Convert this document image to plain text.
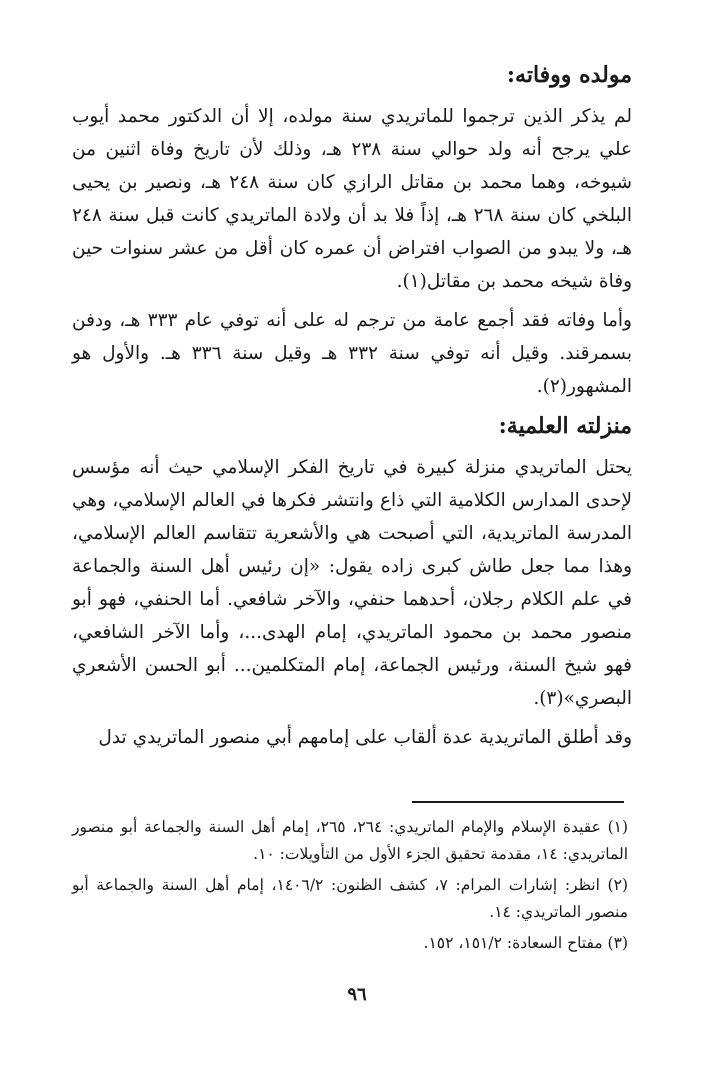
مولده ووفاته:

لم يذكر الذين ترجموا للماتريدي سنة مولده، إلا أن الدكتور محمد أيوب علي يرجح أنه ولد حوالي سنة ٢٣٨ هـ، وذلك لأن تاريخ وفاة اثنين من شيوخه، وهما محمد بن مقاتل الرازي كان سنة ٢٤٨ هـ، ونصير بن يحيى البلخي كان سنة ٢٦٨ هـ، إذاً فلا بد أن ولادة الماتريدي كانت قبل سنة ٢٤٨ هـ، ولا يبدو من الصواب افتراض أن عمره كان أقل من عشر سنوات حين وفاة شيخه محمد بن مقاتل(١).

وأما وفاته فقد أجمع عامة من ترجم له على أنه توفي عام ٣٣٣ هـ، ودفن بسمرقند. وقيل أنه توفي سنة ٣٣٢ هـ وقيل سنة ٣٣٦ هـ. والأول هو المشهور(٢).

منزلته العلمية:

يحتل الماتريدي منزلة كبيرة في تاريخ الفكر الإسلامي حيث أنه مؤسس لإحدى المدارس الكلامية التي ذاع وانتشر فكرها في العالم الإسلامي، وهي المدرسة الماتريدية، التي أصبحت هي والأشعرية تتقاسم العالم الإسلامي، وهذا مما جعل طاش كبرى زاده يقول: «إن رئيس أهل السنة والجماعة في علم الكلام رجلان، أحدهما حنفي، والآخر شافعي. أما الحنفي، فهو أبو منصور محمد بن محمود الماتريدي، إمام الهدى...، وأما الآخر الشافعي، فهو شيخ السنة، ورئيس الجماعة، إمام المتكلمين... أبو الحسن الأشعري البصري»(٣).

وقد أطلق الماتريدية عدة ألقاب على إمامهم أبي منصور الماتريدي تدل

(١) عقيدة الإسلام والإمام الماتريدي: ٢٦٤، ٢٦٥، إمام أهل السنة والجماعة أبو منصور الماتريدي: ١٤، مقدمة تحقيق الجزء الأول من التأويلات: ١٠.

(٢) انظر: إشارات المرام: ٧، كشف الظنون: ١٤٠٦/٢، إمام أهل السنة والجماعة أبو منصور الماتريدي: ١٤.

(٣) مفتاح السعادة: ١٥١/٢، ١٥٢.

٩٦
